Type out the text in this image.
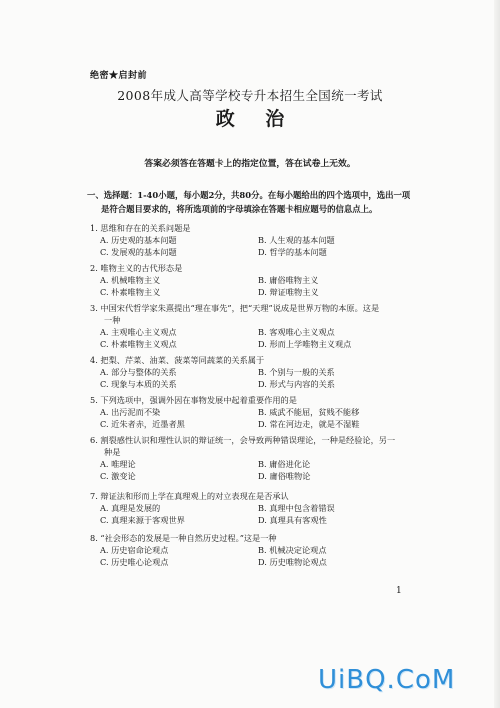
绝密★启封前
2008年成人高等学校专升本招生全国统一考试
政 治
答案必须答在答题卡上的指定位置，答在试卷上无效。
一、选择题：1-40小题，每小题2分，共80分。在每小题给出的四个选项中，选出一项
是符合题目要求的，将所选项前的字母填涂在答题卡相应题号的信息点上。
1. 思维和存在的关系问题是
A. 历史观的基本问题	B. 人生观的基本问题
C. 发展观的基本问题	D. 哲学的基本问题
2. 唯物主义的古代形态是
A. 机械唯物主义	B. 庸俗唯物主义
C. 朴素唯物主义	D. 辩证唯物主义
3. 中国宋代哲学家朱熹提出“理在事先”，把“天理”说成是世界万物的本原。这是
一种
A. 主观唯心主义观点	B. 客观唯心主义观点
C. 朴素唯物主义观点	D. 形而上学唯物主义观点
4. 把梨、芹菜、油菜、菠菜等同蔬菜的关系属于
A. 部分与整体的关系	B. 个别与一般的关系
C. 现象与本质的关系	D. 形式与内容的关系
5. 下列选项中，强调外因在事物发展中起着重要作用的是
A. 出污泥而不染	B. 威武不能屈，贫贱不能移
C. 近朱者赤，近墨者黑	D. 常在河边走，就是不湿鞋
6. 割裂感性认识和理性认识的辩证统一，会导致两种错误理论，一种是经验论，另一
种是
A. 唯理论	B. 庸俗进化论
C. 激变论	D. 庸俗唯物论
7. 辩证法和形而上学在真理观上的对立表现在是否承认
A. 真理是发展的	B. 真理中包含着错误
C. 真理来源于客观世界	D. 真理具有客观性
8. “社会形态的发展是一种自然历史过程。”这是一种
A. 历史宿命论观点	B. 机械决定论观点
C. 历史唯心论观点	D. 历史唯物论观点
1
UiBQ.CoM
